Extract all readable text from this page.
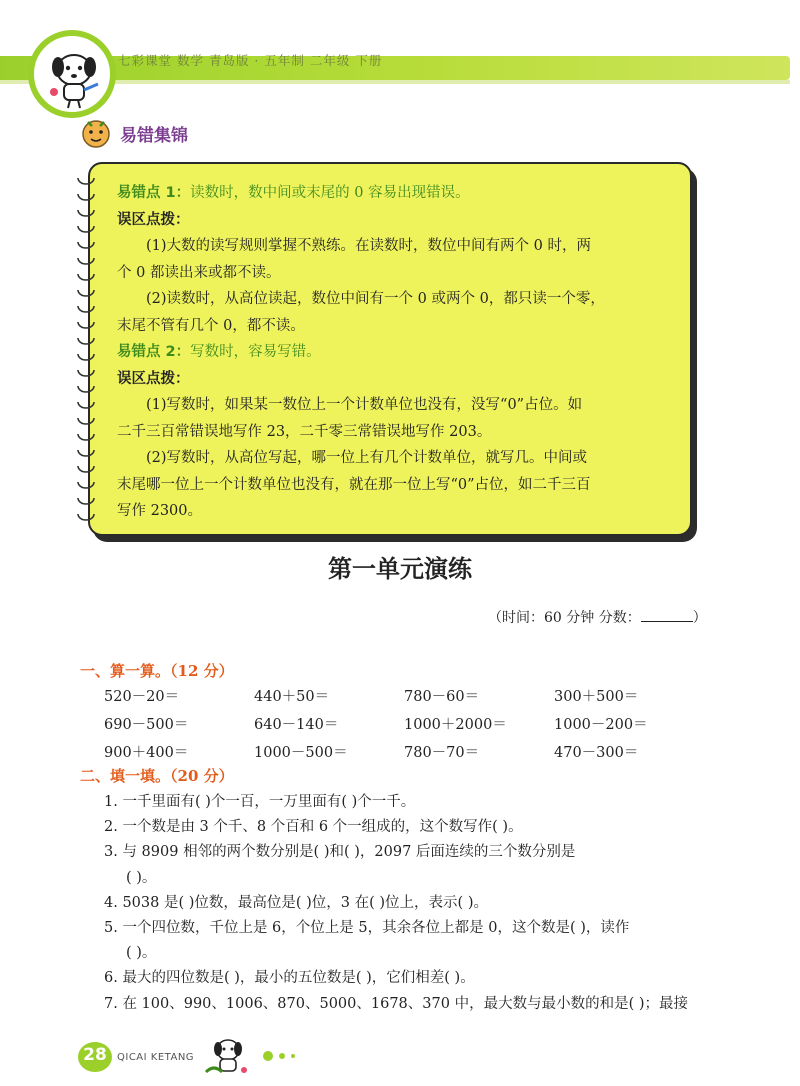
七彩课堂 数学 青岛版 · 五年制 二年级 下册
易错集锦

易错点 1：读数时，数中间或末尾的 0 容易出现错误。

误区点拨：

(1)大数的读写规则掌握不熟练。在读数时，数位中间有两个 0 时，两

个 0 都读出来或都不读。

(2)读数时，从高位读起，数位中间有一个 0 或两个 0，都只读一个零，

末尾不管有几个 0，都不读。

易错点 2：写数时，容易写错。

误区点拨：

(1)写数时，如果某一数位上一个计数单位也没有，没写“0”占位。如

二千三百常错误地写作 23，二千零三常错误地写作 203。

(2)写数时，从高位写起，哪一位上有几个计数单位，就写几。中间或

末尾哪一位上一个计数单位也没有，就在那一位上写“0”占位，如二千三百

写作 2300。

第一单元演练
（时间：60 分钟 分数：	）
一、算一算。（12 分）
520－20＝	440＋50＝	780－60＝	300＋500＝
690－500＝	640－140＝	1000＋2000＝	1000－200＝
900＋400＝	1000－500＝	780－70＝	470－300＝
二、填一填。（20 分）

1. 一千里面有( )个一百，一万里面有( )个一千。

2. 一个数是由 3 个千、8 个百和 6 个一组成的，这个数写作( )。

3. 与 8909 相邻的两个数分别是( )和( )，2097 后面连续的三个数分别是

( )。

4. 5038 是( )位数，最高位是( )位，3 在( )位上，表示( )。

5. 一个四位数，千位上是 6，个位上是 5，其余各位上都是 0，这个数是( )，读作

( )。

6. 最大的四位数是( )，最小的五位数是( )，它们相差( )。

7. 在 100、990、1006、870、5000、1678、370 中，最大数与最小数的和是( )；最接

28	QICAI KETANG
